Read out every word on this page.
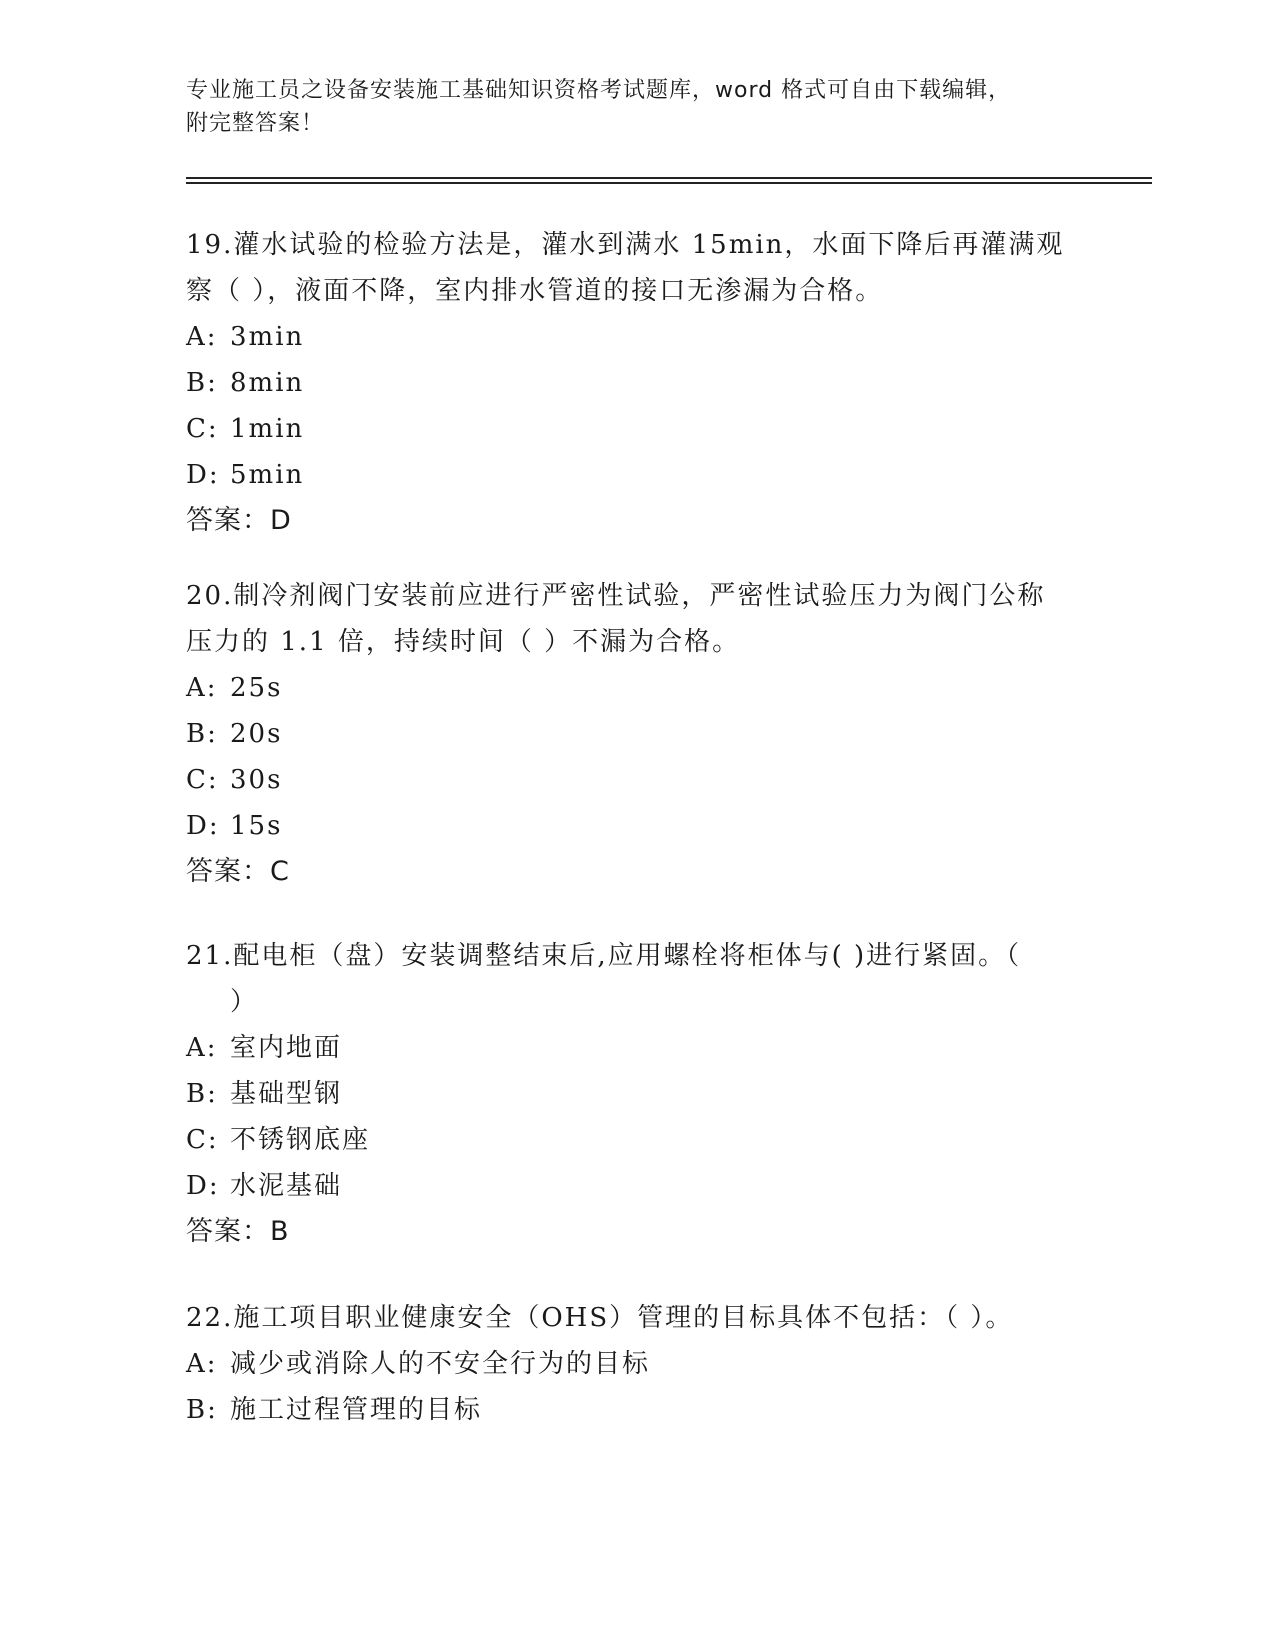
专业施工员之设备安装施工基础知识资格考试题库，word 格式可自由下载编辑，
附完整答案！
19.灌水试验的检验方法是，灌水到满水 15min，水面下降后再灌满观
察（ ），液面不降，室内排水管道的接口无渗漏为合格。
A: 3min
B: 8min
C: 1min
D: 5min
答案：D
20.制冷剂阀门安装前应进行严密性试验，严密性试验压力为阀门公称
压力的 1.1 倍，持续时间（ ）不漏为合格。
A: 25s
B: 20s
C: 30s
D: 15s
答案：C
21.配电柜（盘）安装调整结束后,应用螺栓将柜体与( )进行紧固。（
）
A: 室内地面
B: 基础型钢
C: 不锈钢底座
D: 水泥基础
答案：B
22.施工项目职业健康安全（OHS）管理的目标具体不包括：（ ）。
A: 减少或消除人的不安全行为的目标
B: 施工过程管理的目标
